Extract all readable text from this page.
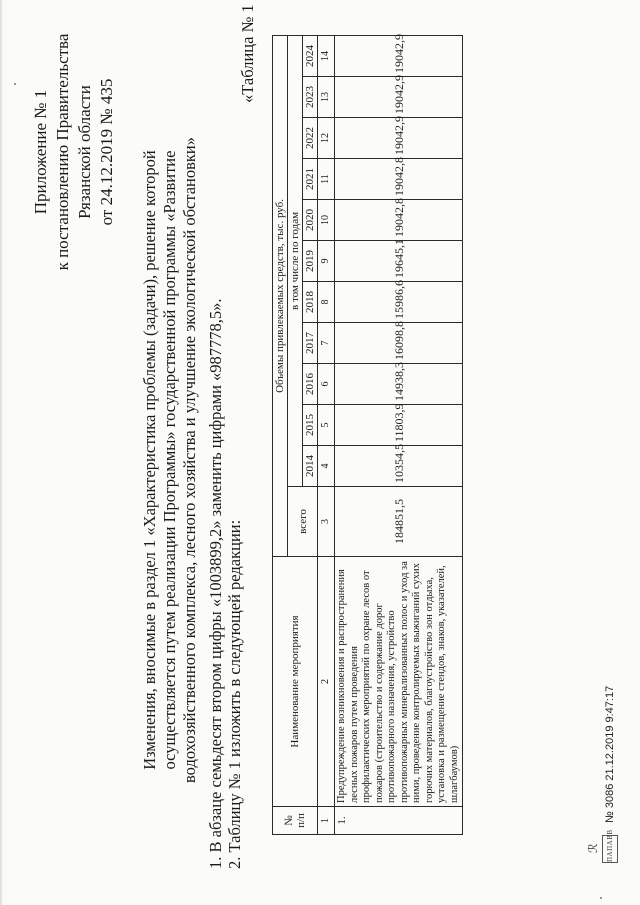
Приложение № 1 к постановлению Правительства Рязанской области от 24.12.2019 № 435 Изменения, вносимые в раздел 1 «Характеристика проблемы (задачи), решение которой осуществляется путем реализации Программы» государственной программы «Развитие водохозяйственного комплекса, лесного хозяйства и улучшение экологической обстановки» 1. В абзаце семьдесят втором цифры «1003899,2» заменить цифрами «987778,5». 2. Таблицу № 1 изложить в следующей редакции:
«Таблица № 1
№ п/п	Наименование мероприятия	Объемы привлекаемых средств, тыс. руб.											
		всего	в том числе по годам										
			2014	2015	2016	2017	2018	2019	2020	2021	2022	2023	2024
1	2	3	4	5	6	7	8	9	10	11	12	13	14
1.	Предупреждение возникновения и распространения лесных пожаров путем проведения профилактических мероприятий по охране лесов от пожаров (строительство и содержание дорог противопожарного назначения, устройство противопожарных минерализованных полос и уход за ними, проведение контролируемых выжиганий сухих горючих материалов, благоустройство зон отдыха, установка и размещение стендов, знаков, указателей, шлагбаумов)	184851,5	10354,5	11803,9	14938,3	16098,8	15986,6	19645,1	19042,8	19042,8	19042,9	19042,9	19042,9
ℛ ПАПАВВ
№ 3086 21.12.2019 9:47:17
